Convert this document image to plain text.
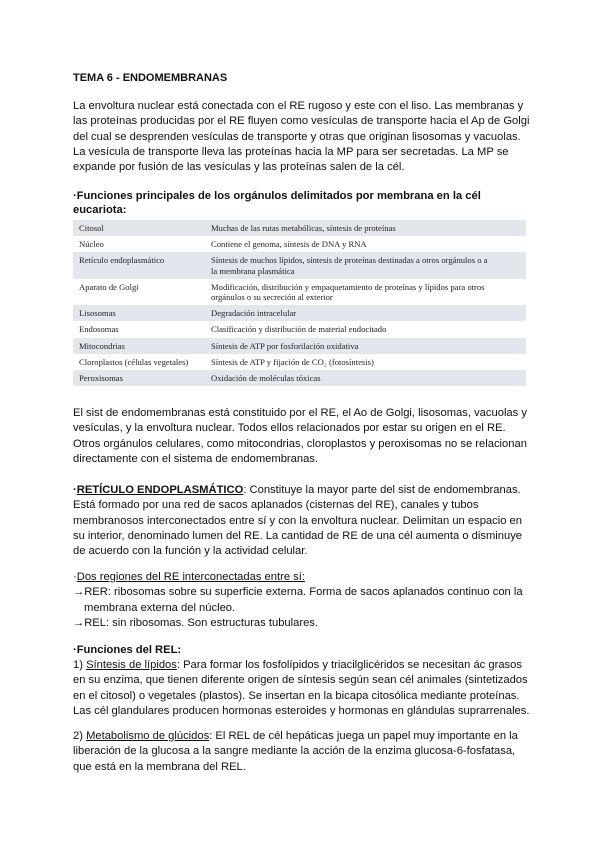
TEMA 6 - ENDOMEMBRANAS

La envoltura nuclear está conectada con el RE rugoso y este con el liso. Las membranas y
las proteínas producidas por el RE fluyen como vesículas de transporte hacia el Ap de Golgi
del cual se desprenden vesículas de transporte y otras que originan lisosomas y vacuolas.
La vesícula de transporte lleva las proteínas hacia la MP para ser secretadas. La MP se
expande por fusión de las vesículas y las proteínas salen de la cél.

·Funciones principales de los orgánulos delimitados por membrana en la cél
eucariota:
Citosol	Muchas de las rutas metabólicas, síntesis de proteínas
Núcleo	Contiene el genoma, síntesis de DNA y RNA
Retículo endoplasmático	Síntesis de muchos lípidos, síntesis de proteínas destinadas a otros orgánulos o a
la membrana plasmática
Aparato de Golgi	Modificación, distribución y empaquetamiento de proteínas y lípidos para otros
orgánulos o su secreción al exterior
Lisosomas	Degradación intracelular
Endosomas	Clasificación y distribución de material endocitado
Mitocondrias	Síntesis de ATP por fosforilación oxidativa
Cloroplastos (células vegetales)	Síntesis de ATP y fijación de CO₂ (fotosíntesis)
Peroxisomas	Oxidación de moléculas tóxicas

El sist de endomembranas está constituido por el RE, el Ao de Golgi, lisosomas, vacuolas y
vesículas, y la envoltura nuclear. Todos ellos relacionados por estar su origen en el RE.
Otros orgánulos celulares, como mitocondrias, cloroplastos y peroxisomas no se relacionan
directamente con el sistema de endomembranas.

·RETÍCULO ENDOPLASMÁTICO: Constituye la mayor parte del sist de endomembranas.
Está formado por una red de sacos aplanados (cisternas del RE), canales y tubos
membranosos interconectados entre sí y con la envoltura nuclear. Delimitan un espacio en
su interior, denominado lumen del RE. La cantidad de RE de una cél aumenta o disminuye
de acuerdo con la función y la actividad celular.

·Dos regiones del RE interconectadas entre sí:
→RER: ribosomas sobre su superficie externa. Forma de sacos aplanados continuo con la
membrana externa del núcleo.
→REL: sin ribosomas. Son estructuras tubulares.

·Funciones del REL:

1) Síntesis de lípidos: Para formar los fosfolípidos y triacilglicéridos se necesitan ác grasos
en su enzima, que tienen diferente origen de síntesis según sean cél animales (sintetizados
en el citosol) o vegetales (plastos). Se insertan en la bicapa citosólica mediante proteínas.
Las cél glandulares producen hormonas esteroides y hormonas en glándulas suprarrenales.

2) Metabolismo de glúcidos: El REL de cél hepáticas juega un papel muy importante en la
liberación de la glucosa a la sangre mediante la acción de la enzima glucosa-6-fosfatasa,
que está en la membrana del REL.
